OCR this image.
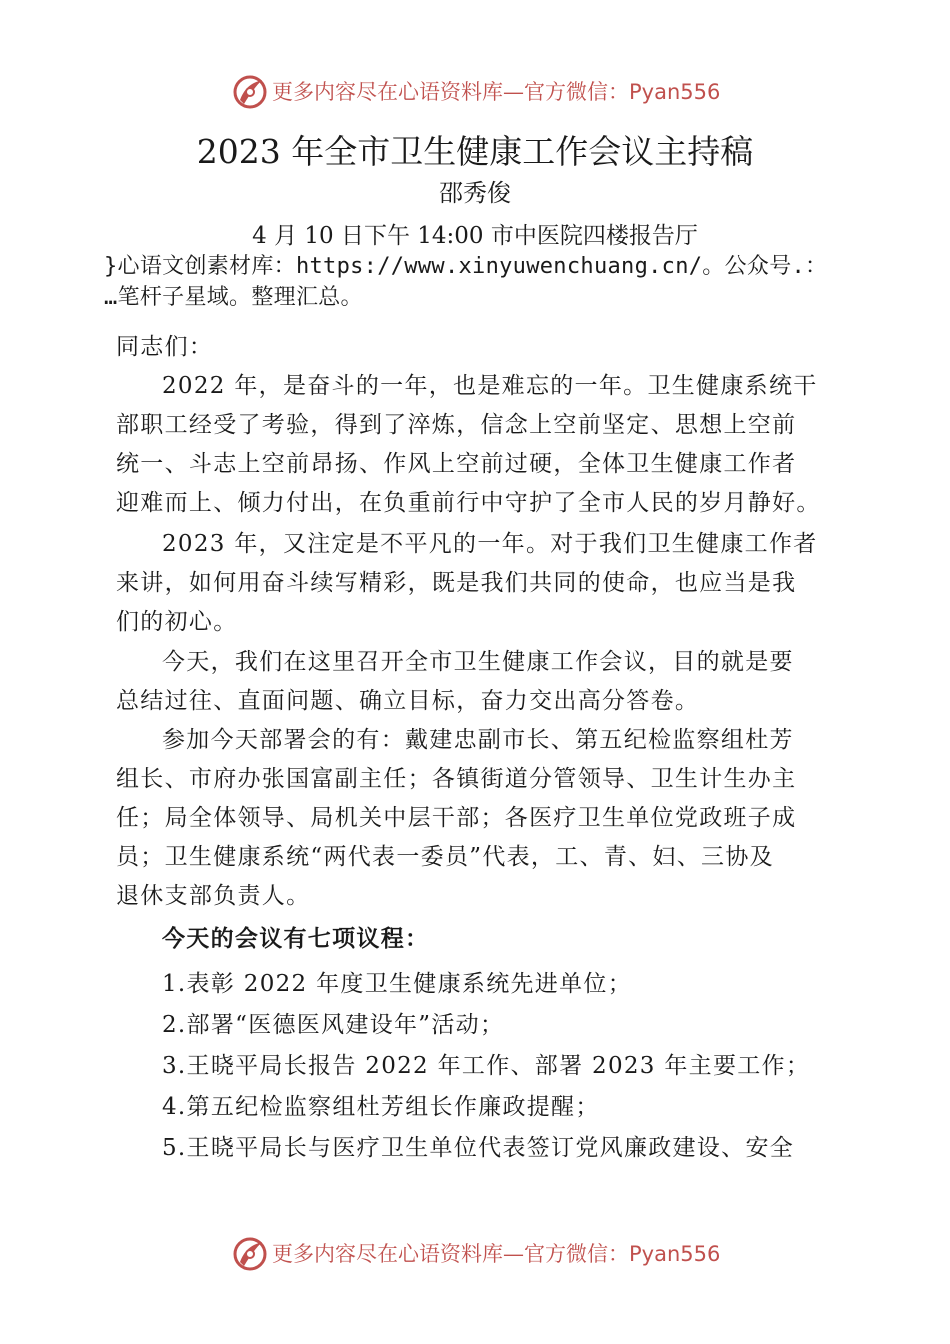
更多内容尽在心语资料库—官方微信：Pyan556
2023 年全市卫生健康工作会议主持稿
邵秀俊
4 月 10 日下午 14:00 市中医院四楼报告厅
}心语文创素材库：https://www.xinyuwenchuang.cn/。公众号.：
…笔杆子星域。整理汇总。
同志们：
2022 年，是奋斗的一年，也是难忘的一年。卫生健康系统干
部职工经受了考验，得到了淬炼，信念上空前坚定、思想上空前
统一、斗志上空前昂扬、作风上空前过硬，全体卫生健康工作者
迎难而上、倾力付出，在负重前行中守护了全市人民的岁月静好。
2023 年，又注定是不平凡的一年。对于我们卫生健康工作者
来讲，如何用奋斗续写精彩，既是我们共同的使命，也应当是我
们的初心。
今天，我们在这里召开全市卫生健康工作会议，目的就是要
总结过往、直面问题、确立目标，奋力交出高分答卷。
参加今天部署会的有：戴建忠副市长、第五纪检监察组杜芳
组长、市府办张国富副主任；各镇街道分管领导、卫生计生办主
任；局全体领导、局机关中层干部；各医疗卫生单位党政班子成
员；卫生健康系统“两代表一委员”代表，工、青、妇、三协及
退休支部负责人。
今天的会议有七项议程：
1.表彰 2022 年度卫生健康系统先进单位；
2.部署“医德医风建设年”活动；
3.王晓平局长报告 2022 年工作、部署 2023 年主要工作；
4.第五纪检监察组杜芳组长作廉政提醒；
5.王晓平局长与医疗卫生单位代表签订党风廉政建设、安全
更多内容尽在心语资料库—官方微信：Pyan556
